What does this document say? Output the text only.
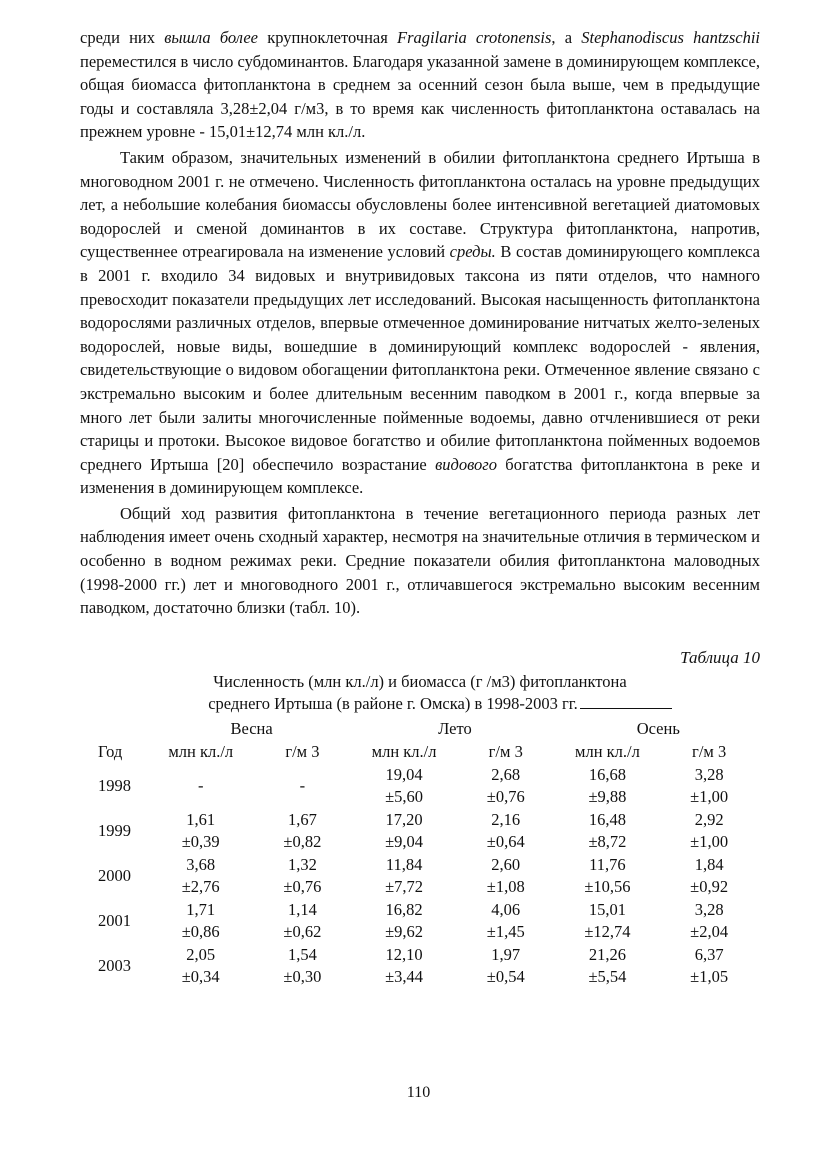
среди них вышла более крупноклеточная Fragilaria crotonensis, а Stephanodiscus hantzschii переместился в число субдоминантов. Благодаря указанной замене в доминирующем комплексе, общая биомасса фитопланктона в среднем за осенний сезон была выше, чем в предыдущие годы и составляла 3,28±2,04 г/м3, в то время как численность фитопланктона оставалась на прежнем уровне - 15,01±12,74 млн кл./л.

Таким образом, значительных изменений в обилии фитопланктона среднего Иртыша в многоводном 2001 г. не отмечено. Численность фитопланктона осталась на уровне предыдущих лет, а небольшие колебания биомассы обусловлены более интенсивной вегетацией диатомовых водорослей и сменой доминантов в их составе. Структура фитопланктона, напротив, существеннее отреагировала на изменение условий среды. В состав доминирующего комплекса в 2001 г. входило 34 видовых и внутривидовых таксона из пяти отделов, что намного превосходит показатели предыдущих лет исследований. Высокая насыщенность фитопланктона водорослями различных отделов, впервые отмеченное доминирование нитчатых желто-зеленых водорослей, новые виды, вошедшие в доминирующий комплекс водорослей - явления, свидетельствующие о видовом обогащении фитопланктона реки. Отмеченное явление связано с экстремально высоким и более длительным весенним паводком в 2001 г., когда впервые за много лет были залиты многочисленные пойменные водоемы, давно отчленившиеся от реки старицы и протоки. Высокое видовое богатство и обилие фитопланктона пойменных водоемов среднего Иртыша [20] обеспечило возрастание видового богатства фитопланктона в реке и изменения в доминирующем комплексе.

Общий ход развития фитопланктона в течение вегетационного периода разных лет наблюдения имеет очень сходный характер, несмотря на значительные отличия в термическом и особенно в водном режимах реки. Средние показатели обилия фитопланктона маловодных (1998-2000 гг.) лет и многоводного 2001 г., отличавшегося экстремально высоким весенним паводком, достаточно близки (табл. 10).

Таблица 10
Численность (млн кл./л) и биомасса (г /м3) фитопланктона
среднего Иртыша (в районе г. Омска) в 1998-2003 гг.
	Весна		Лето		Осень	
Год	млн кл./л	г/м 3	млн кл./л	г/м 3	млн кл./л	г/м 3
1998	-	-	19,04	2,68	16,68	3,28
			±5,60	±0,76	±9,88	±1,00
1999	1,61	1,67	17,20	2,16	16,48	2,92
	±0,39	±0,82	±9,04	±0,64	±8,72	±1,00
2000	3,68	1,32	11,84	2,60	11,76	1,84
	±2,76	±0,76	±7,72	±1,08	±10,56	±0,92
2001	1,71	1,14	16,82	4,06	15,01	3,28
	±0,86	±0,62	±9,62	±1,45	±12,74	±2,04
2003	2,05	1,54	12,10	1,97	21,26	6,37
	±0,34	±0,30	±3,44	±0,54	±5,54	±1,05
110
